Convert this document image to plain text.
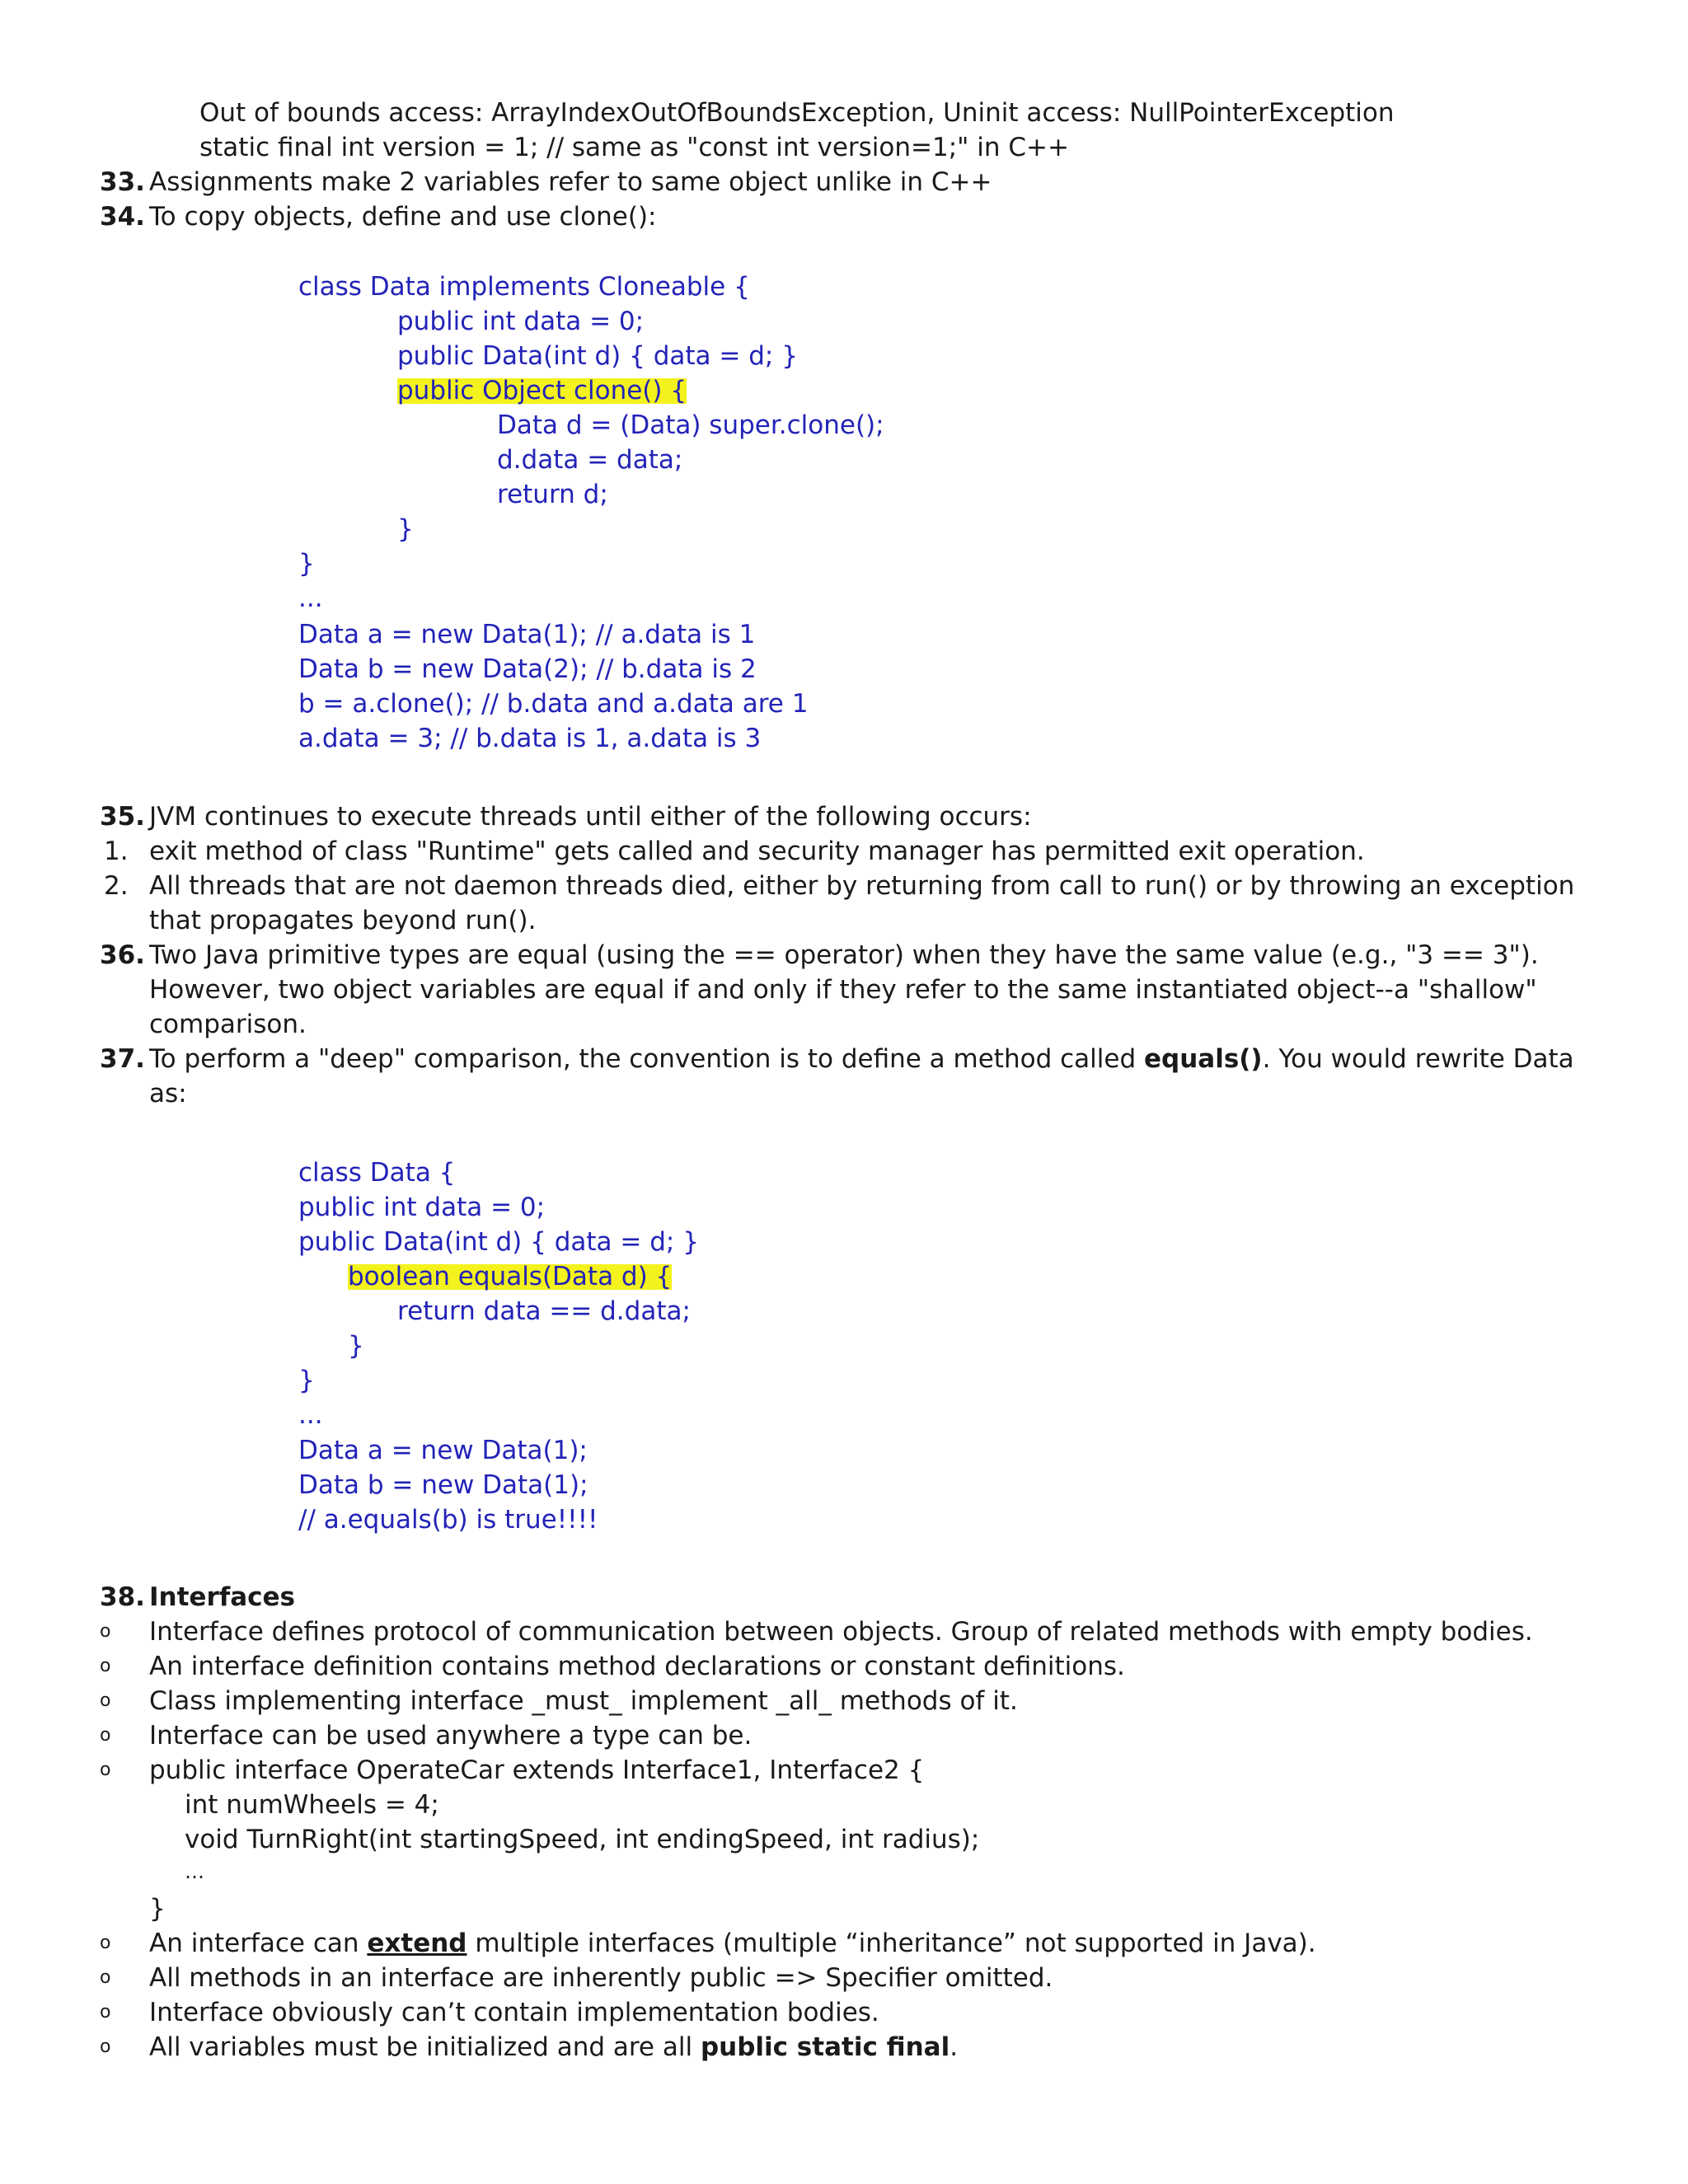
Out of bounds access: ArrayIndexOutOfBoundsException, Uninit access: NullPointerException
static final int version = 1; // same as "const int version=1;" in C++
33. Assignments make 2 variables refer to same object unlike in C++
34. To copy objects, define and use clone():
class Data implements Cloneable {
public int data = 0;
public Data(int d) { data = d; }
public Object clone() {
Data d = (Data) super.clone();
d.data = data;
return d;
}
}
...
Data a = new Data(1); // a.data is 1
Data b = new Data(2); // b.data is 2
b = a.clone(); // b.data and a.data are 1
a.data = 3; // b.data is 1, a.data is 3
35. JVM continues to execute threads until either of the following occurs:
1. exit method of class "Runtime" gets called and security manager has permitted exit operation.
2. All threads that are not daemon threads died, either by returning from call to run() or by throwing an exception
that propagates beyond run().
36. Two Java primitive types are equal (using the == operator) when they have the same value (e.g., "3 == 3").
However, two object variables are equal if and only if they refer to the same instantiated object--a "shallow"
comparison.
37. To perform a "deep" comparison, the convention is to define a method called equals(). You would rewrite Data
as:
class Data {
public int data = 0;
public Data(int d) { data = d; }
boolean equals(Data d) {
return data == d.data;
}
}
...
Data a = new Data(1);
Data b = new Data(1);
// a.equals(b) is true!!!!
38. Interfaces
o Interface defines protocol of communication between objects. Group of related methods with empty bodies.
o An interface definition contains method declarations or constant definitions.
o Class implementing interface _must_ implement _all_ methods of it.
o Interface can be used anywhere a type can be.
o public interface OperateCar extends Interface1, Interface2 {
int numWheels = 4;
void TurnRight(int startingSpeed, int endingSpeed, int radius);
…
}
o An interface can extend multiple interfaces (multiple “inheritance” not supported in Java).
o All methods in an interface are inherently public => Specifier omitted.
o Interface obviously can’t contain implementation bodies.
o All variables must be initialized and are all public static final.
